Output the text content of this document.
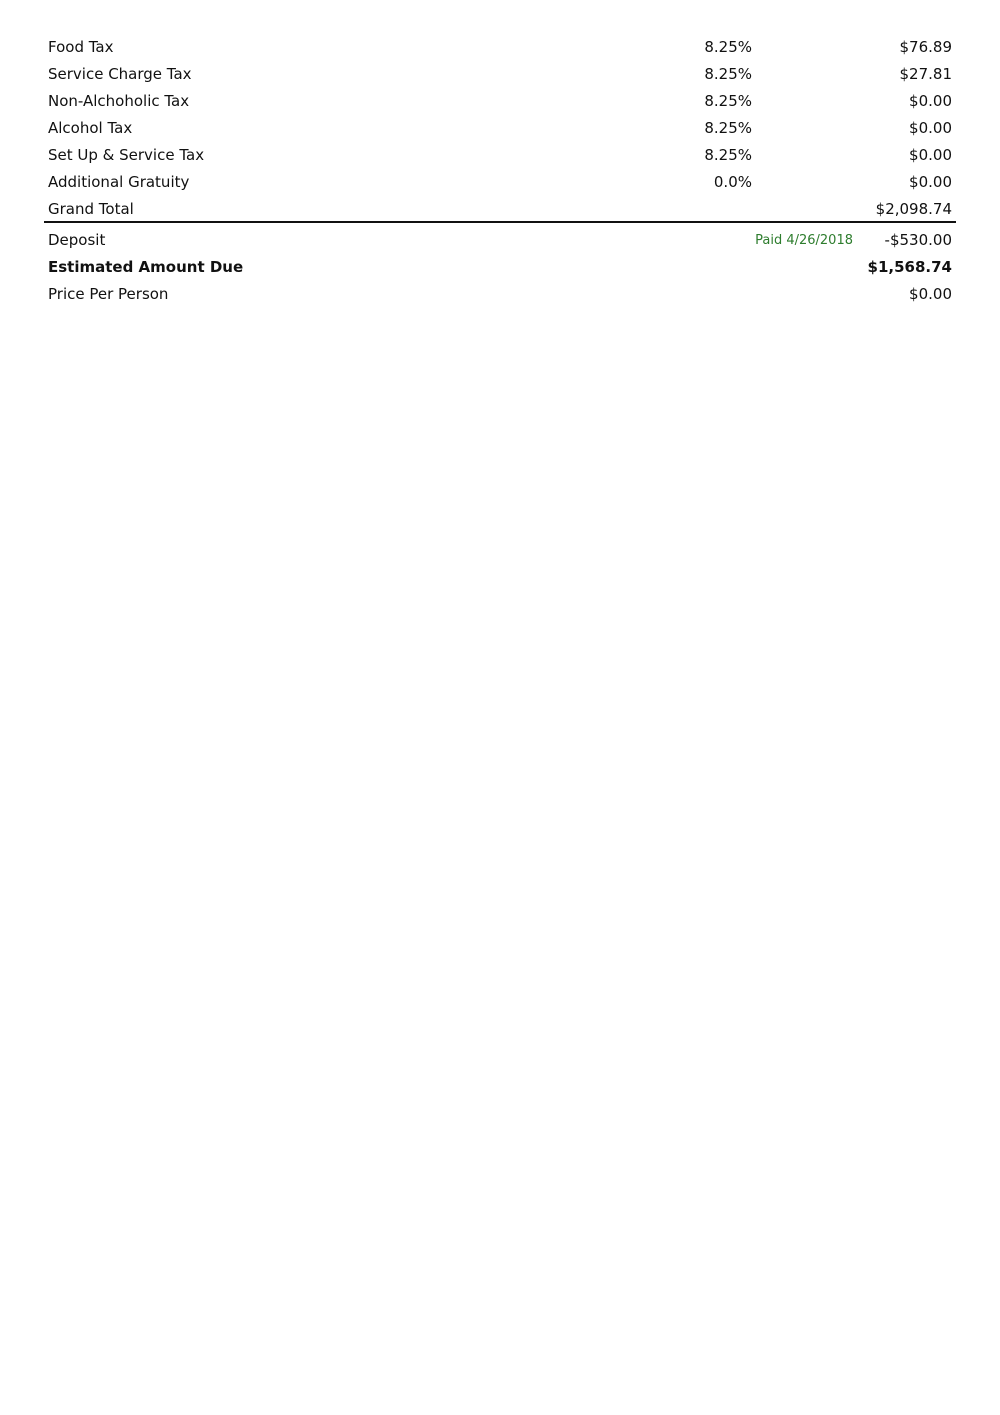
Food Tax	8.25%	$76.89
Service Charge Tax	8.25%	$27.81
Non-Alchoholic Tax	8.25%	$0.00
Alcohol Tax	8.25%	$0.00
Set Up & Service Tax	8.25%	$0.00
Additional Gratuity	0.0%	$0.00
Grand Total	$2,098.74
Deposit	Paid 4/26/2018 -$530.00
Estimated Amount Due	$1,568.74
Price Per Person	$0.00
